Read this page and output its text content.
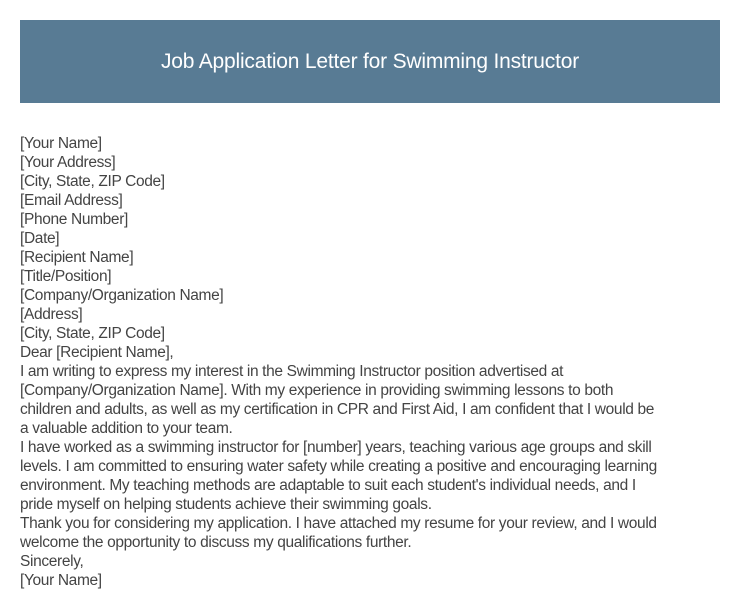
Job Application Letter for Swimming Instructor
[Your Name]
[Your Address]
[City, State, ZIP Code]
[Email Address]
[Phone Number]
[Date]
[Recipient Name]
[Title/Position]
[Company/Organization Name]
[Address]
[City, State, ZIP Code]
Dear [Recipient Name],
I am writing to express my interest in the Swimming Instructor position advertised at
[Company/Organization Name]. With my experience in providing swimming lessons to both
children and adults, as well as my certification in CPR and First Aid, I am confident that I would be
a valuable addition to your team.
I have worked as a swimming instructor for [number] years, teaching various age groups and skill
levels. I am committed to ensuring water safety while creating a positive and encouraging learning
environment. My teaching methods are adaptable to suit each student's individual needs, and I
pride myself on helping students achieve their swimming goals.
Thank you for considering my application. I have attached my resume for your review, and I would
welcome the opportunity to discuss my qualifications further.
Sincerely,
[Your Name]
